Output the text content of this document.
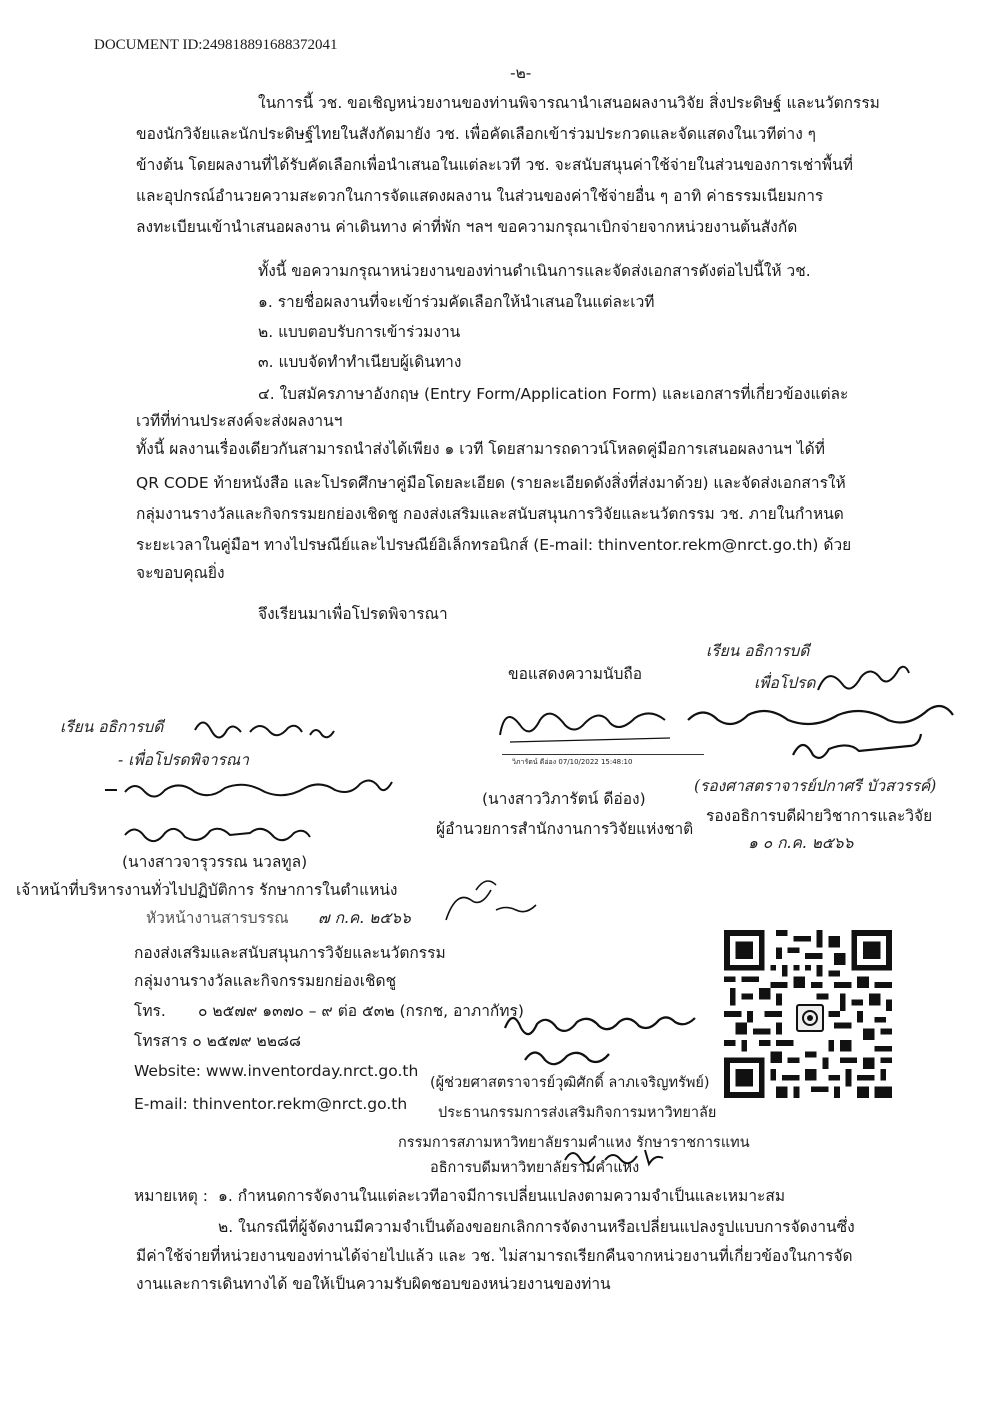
DOCUMENT ID:249818891688372041
-๒-
ในการนี้ วช. ขอเชิญหน่วยงานของท่านพิจารณานำเสนอผลงานวิจัย สิ่งประดิษฐ์ และนวัตกรรม
ของนักวิจัยและนักประดิษฐ์ไทยในสังกัดมายัง วช. เพื่อคัดเลือกเข้าร่วมประกวดและจัดแสดงในเวทีต่าง ๆ
ข้างต้น โดยผลงานที่ได้รับคัดเลือกเพื่อนำเสนอในแต่ละเวที วช. จะสนับสนุนค่าใช้จ่ายในส่วนของการเช่าพื้นที่
และอุปกรณ์อำนวยความสะดวกในการจัดแสดงผลงาน ในส่วนของค่าใช้จ่ายอื่น ๆ อาทิ ค่าธรรมเนียมการ
ลงทะเบียนเข้านำเสนอผลงาน ค่าเดินทาง ค่าที่พัก ฯลฯ ขอความกรุณาเบิกจ่ายจากหน่วยงานต้นสังกัด
ทั้งนี้ ขอความกรุณาหน่วยงานของท่านดำเนินการและจัดส่งเอกสารดังต่อไปนี้ให้ วช.
๑. รายชื่อผลงานที่จะเข้าร่วมคัดเลือกให้นำเสนอในแต่ละเวที
๒. แบบตอบรับการเข้าร่วมงาน
๓. แบบจัดทำทำเนียบผู้เดินทาง
๔. ใบสมัครภาษาอังกฤษ (Entry Form/Application Form) และเอกสารที่เกี่ยวข้องแต่ละ
เวทีที่ท่านประสงค์จะส่งผลงานฯ
ทั้งนี้ ผลงานเรื่องเดียวกันสามารถนำส่งได้เพียง ๑ เวที โดยสามารถดาวน์โหลดคู่มือการเสนอผลงานฯ ได้ที่
QR CODE ท้ายหนังสือ และโปรดศึกษาคู่มือโดยละเอียด (รายละเอียดดังสิ่งที่ส่งมาด้วย) และจัดส่งเอกสารให้
กลุ่มงานรางวัลและกิจกรรมยกย่องเชิดชู กองส่งเสริมและสนับสนุนการวิจัยและนวัตกรรม วช. ภายในกำหนด
ระยะเวลาในคู่มือฯ ทางไปรษณีย์และไปรษณีย์อิเล็กทรอนิกส์ (E-mail: thinventor.rekm@nrct.go.th) ด้วย
จะขอบคุณยิ่ง
จึงเรียนมาเพื่อโปรดพิจารณา
เรียน อธิการบดี
เพื่อโปรด
ขอแสดงความนับถือ
วิภารัตน์ ดีอ่อง 07/10/2022 15:48:10
(นางสาววิภารัตน์ ดีอ่อง)
ผู้อำนวยการสำนักงานการวิจัยแห่งชาติ
(รองศาสตราจารย์ปกาศรี บัวสวรรค์)
รองอธิการบดีฝ่ายวิชาการและวิจัย
๑ ๐ ก.ค. ๒๕๖๖
เรียน อธิการบดี
- เพื่อโปรดพิจารณา
(นางสาวจารุวรรณ นวลทูล)
เจ้าหน้าที่บริหารงานทั่วไปปฏิบัติการ รักษาการในตำแหน่ง
หัวหน้างานสารบรรณ ๗ ก.ค. ๒๕๖๖
กองส่งเสริมและสนับสนุนการวิจัยและนวัตกรรม
กลุ่มงานรางวัลและกิจกรรมยกย่องเชิดชู
โทร. ๐ ๒๕๗๙ ๑๓๗๐ – ๙ ต่อ ๕๓๒ (กรกช, อาภากัทร)
โทรสาร ๐ ๒๕๗๙ ๒๒๘๘
Website: www.inventorday.nrct.go.th
E-mail: thinventor.rekm@nrct.go.th
(ผู้ช่วยศาสตราจารย์วุฒิศักดิ์ ลาภเจริญทรัพย์)
ประธานกรรมการส่งเสริมกิจการมหาวิทยาลัย
กรรมการสภามหาวิทยาลัยรามคำแหง รักษาราชการแทน
อธิการบดีมหาวิทยาลัยรามคำแหง
หมายเหตุ : ๑. กำหนดการจัดงานในแต่ละเวทีอาจมีการเปลี่ยนแปลงตามความจำเป็นและเหมาะสม
๒. ในกรณีที่ผู้จัดงานมีความจำเป็นต้องขอยกเลิกการจัดงานหรือเปลี่ยนแปลงรูปแบบการจัดงานซึ่ง
มีค่าใช้จ่ายที่หน่วยงานของท่านได้จ่ายไปแล้ว และ วช. ไม่สามารถเรียกคืนจากหน่วยงานที่เกี่ยวข้องในการจัด
งานและการเดินทางได้ ขอให้เป็นความรับผิดชอบของหน่วยงานของท่าน
